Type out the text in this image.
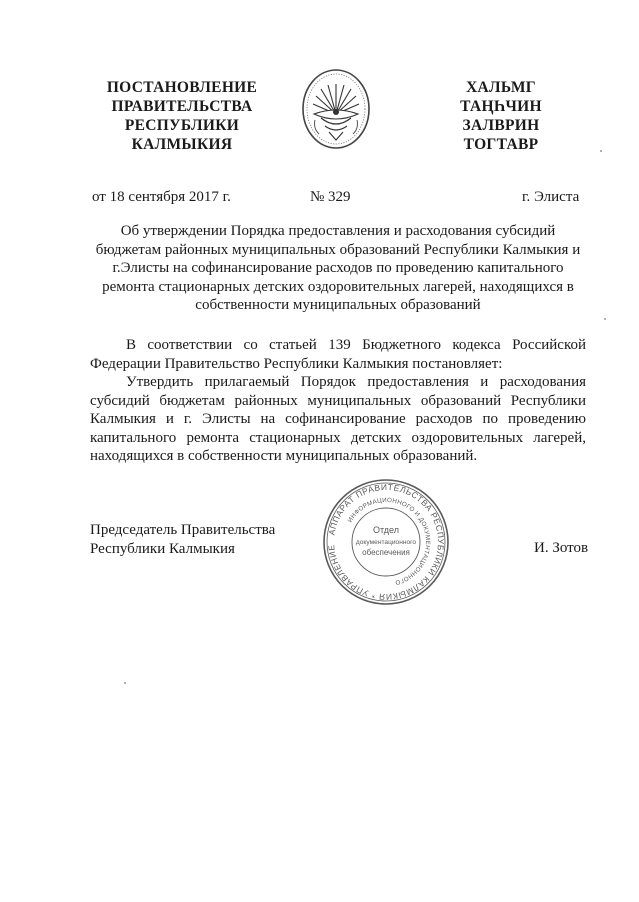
ПОСТАНОВЛЕНИЕ
ПРАВИТЕЛЬСТВА
РЕСПУБЛИКИ
КАЛМЫКИЯ
ХАЛЬМГ
ТАҢҺЧИН
ЗАЛВРИН
ТОГТАВР
от 18 сентября 2017 г.	№ 329	г. Элиста
Об утверждении Порядка предоставления и расходования субсидий
бюджетам районных муниципальных образований Республики Калмыкия и
г.Элисты на софинансирование расходов по проведению капитального
ремонта стационарных детских оздоровительных лагерей, находящихся в
собственности муниципальных образований
В соответствии со статьей 139 Бюджетного кодекса Российской
Федерации Правительство Республики Калмыкия постановляет:
Утвердить прилагаемый Порядок предоставления и расходования
субсидий бюджетам районных муниципальных образований Республики
Калмыкия и г. Элисты на софинансирование расходов по проведению
капитального ремонта стационарных детских оздоровительных лагерей,
находящихся в собственности муниципальных образований.
Председатель Правительства
Республики Калмыкия
АППАРАТ ПРАВИТЕЛЬСТВА РЕСПУБЛИКИ КАЛМЫКИЯ * УПРАВЛЕНИЕ
ИНФОРМАЦИОННОГО И ДОКУМЕНТАЦИОННОГО
Отдел
документационного
обеспечения	И. Зотов
